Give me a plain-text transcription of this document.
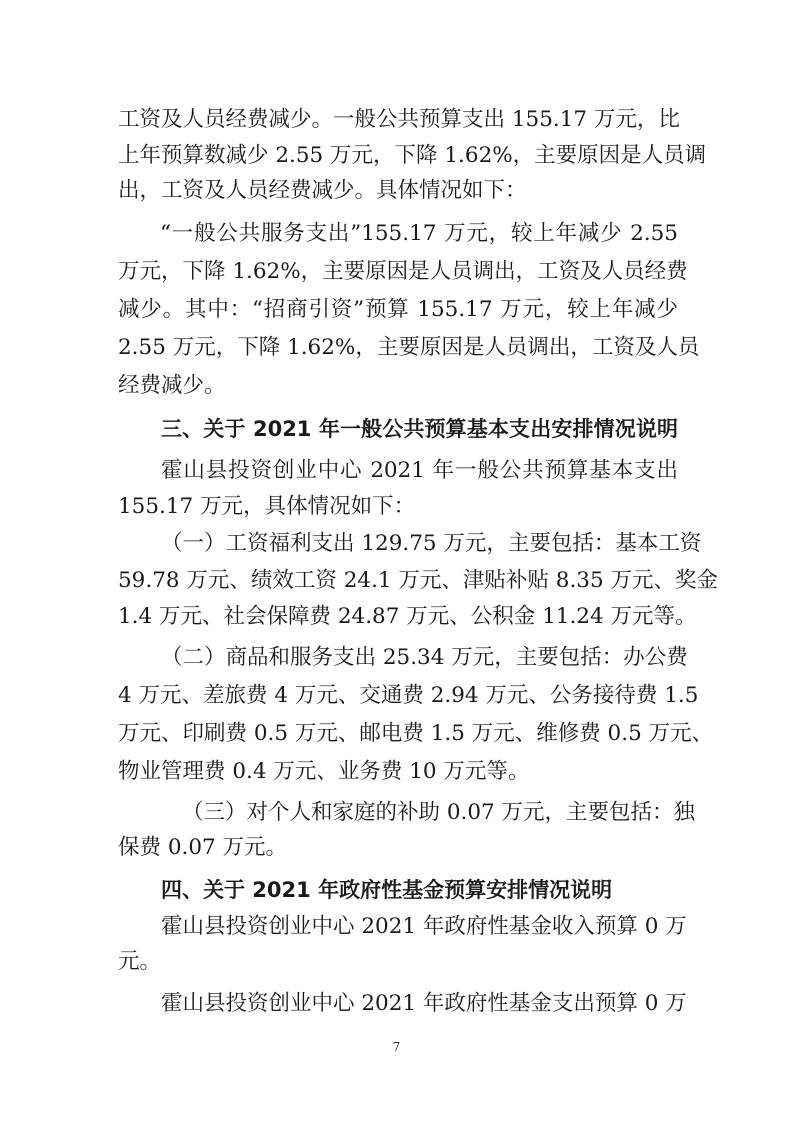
工资及人员经费减少。一般公共预算支出 155.17 万元，比
上年预算数减少 2.55 万元，下降 1.62%，主要原因是人员调
出，工资及人员经费减少。具体情况如下：
“一般公共服务支出”155.17 万元，较上年减少 2.55
万元，下降 1.62%，主要原因是人员调出，工资及人员经费
减少。其中：“招商引资”预算 155.17 万元，较上年减少
2.55 万元，下降 1.62%，主要原因是人员调出，工资及人员
经费减少。
三、关于 2021 年一般公共预算基本支出安排情况说明
霍山县投资创业中心 2021 年一般公共预算基本支出
155.17 万元，具体情况如下：
（一）工资福利支出 129.75 万元，主要包括：基本工资
59.78 万元、绩效工资 24.1 万元、津贴补贴 8.35 万元、奖金
1.4 万元、社会保障费 24.87 万元、公积金 11.24 万元等。
（二）商品和服务支出 25.34 万元，主要包括：办公费
4 万元、差旅费 4 万元、交通费 2.94 万元、公务接待费 1.5
万元、印刷费 0.5 万元、邮电费 1.5 万元、维修费 0.5 万元、
物业管理费 0.4 万元、业务费 10 万元等。
（三）对个人和家庭的补助 0.07 万元，主要包括：独
保费 0.07 万元。
四、关于 2021 年政府性基金预算安排情况说明
霍山县投资创业中心 2021 年政府性基金收入预算 0 万
元。
霍山县投资创业中心 2021 年政府性基金支出预算 0 万
7
